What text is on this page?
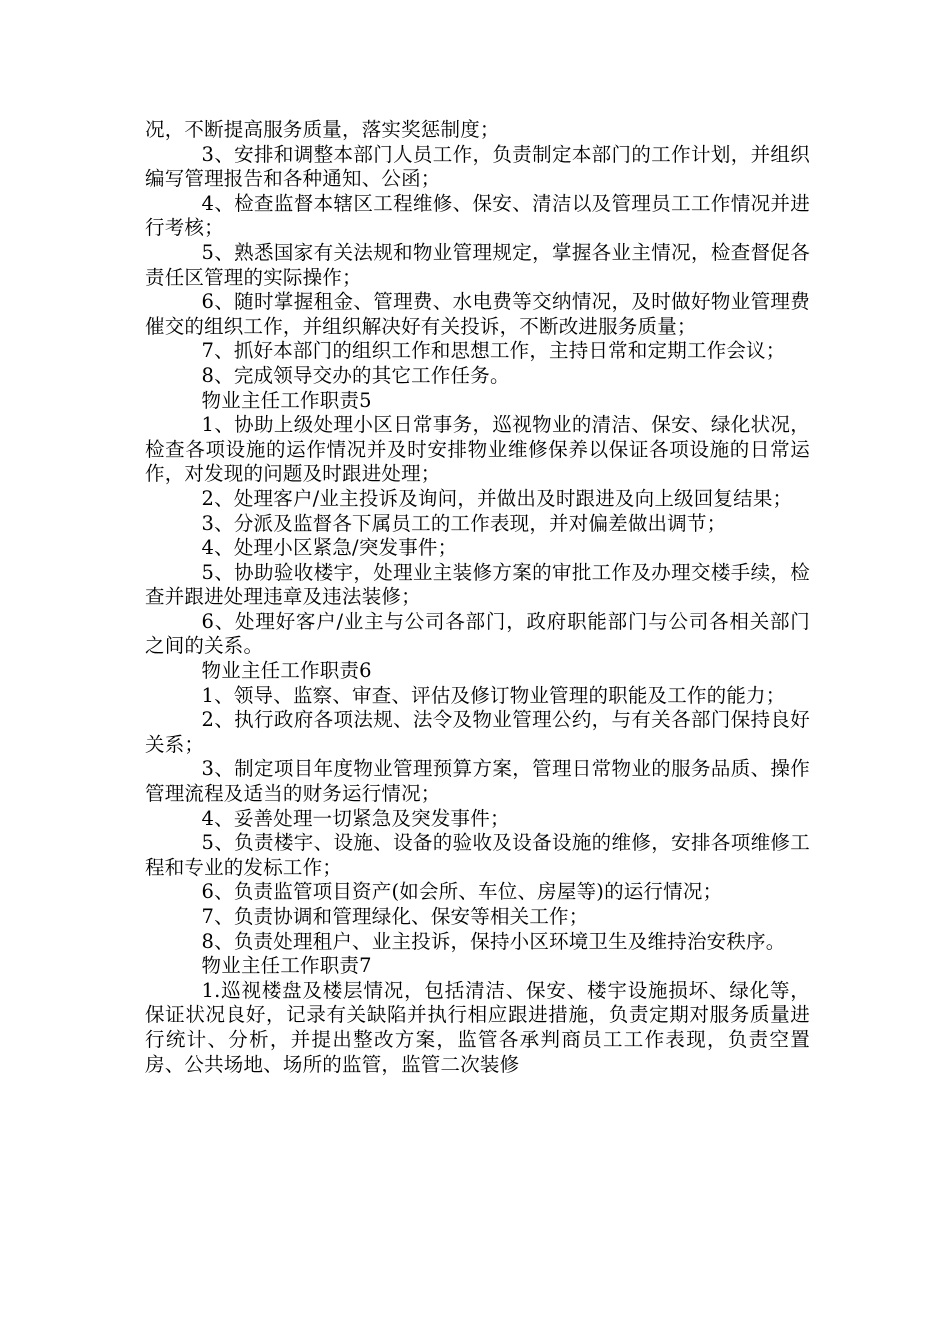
况，不断提高服务质量，落实奖惩制度；

3、安排和调整本部门人员工作，负责制定本部门的工作计划，并组织编写管理报告和各种通知、公函；

4、检查监督本辖区工程维修、保安、清洁以及管理员工工作情况并进行考核；

5、熟悉国家有关法规和物业管理规定，掌握各业主情况，检查督促各责任区管理的实际操作；

6、随时掌握租金、管理费、水电费等交纳情况，及时做好物业管理费催交的组织工作，并组织解决好有关投诉，不断改进服务质量；

7、抓好本部门的组织工作和思想工作，主持日常和定期工作会议；

8、完成领导交办的其它工作任务。

物业主任工作职责5

1、协助上级处理小区日常事务，巡视物业的清洁、保安、绿化状况，检查各项设施的运作情况并及时安排物业维修保养以保证各项设施的日常运作，对发现的问题及时跟进处理；

2、处理客户/业主投诉及询问，并做出及时跟进及向上级回复结果；

3、分派及监督各下属员工的工作表现，并对偏差做出调节；

4、处理小区紧急/突发事件；

5、协助验收楼宇，处理业主装修方案的审批工作及办理交楼手续，检查并跟进处理违章及违法装修；

6、处理好客户/业主与公司各部门，政府职能部门与公司各相关部门之间的关系。

物业主任工作职责6

1、领导、监察、审查、评估及修订物业管理的职能及工作的能力；

2、执行政府各项法规、法令及物业管理公约，与有关各部门保持良好关系；

3、制定项目年度物业管理预算方案，管理日常物业的服务品质、操作管理流程及适当的财务运行情况；

4、妥善处理一切紧急及突发事件；

5、负责楼宇、设施、设备的验收及设备设施的维修，安排各项维修工程和专业的发标工作；

6、负责监管项目资产(如会所、车位、房屋等)的运行情况；

7、负责协调和管理绿化、保安等相关工作；

8、负责处理租户、业主投诉，保持小区环境卫生及维持治安秩序。

物业主任工作职责7

1.巡视楼盘及楼层情况，包括清洁、保安、楼宇设施损坏、绿化等，保证状况良好，记录有关缺陷并执行相应跟进措施，负责定期对服务质量进行统计、分析，并提出整改方案，监管各承判商员工工作表现，负责空置房、公共场地、场所的监管，监管二次装修
